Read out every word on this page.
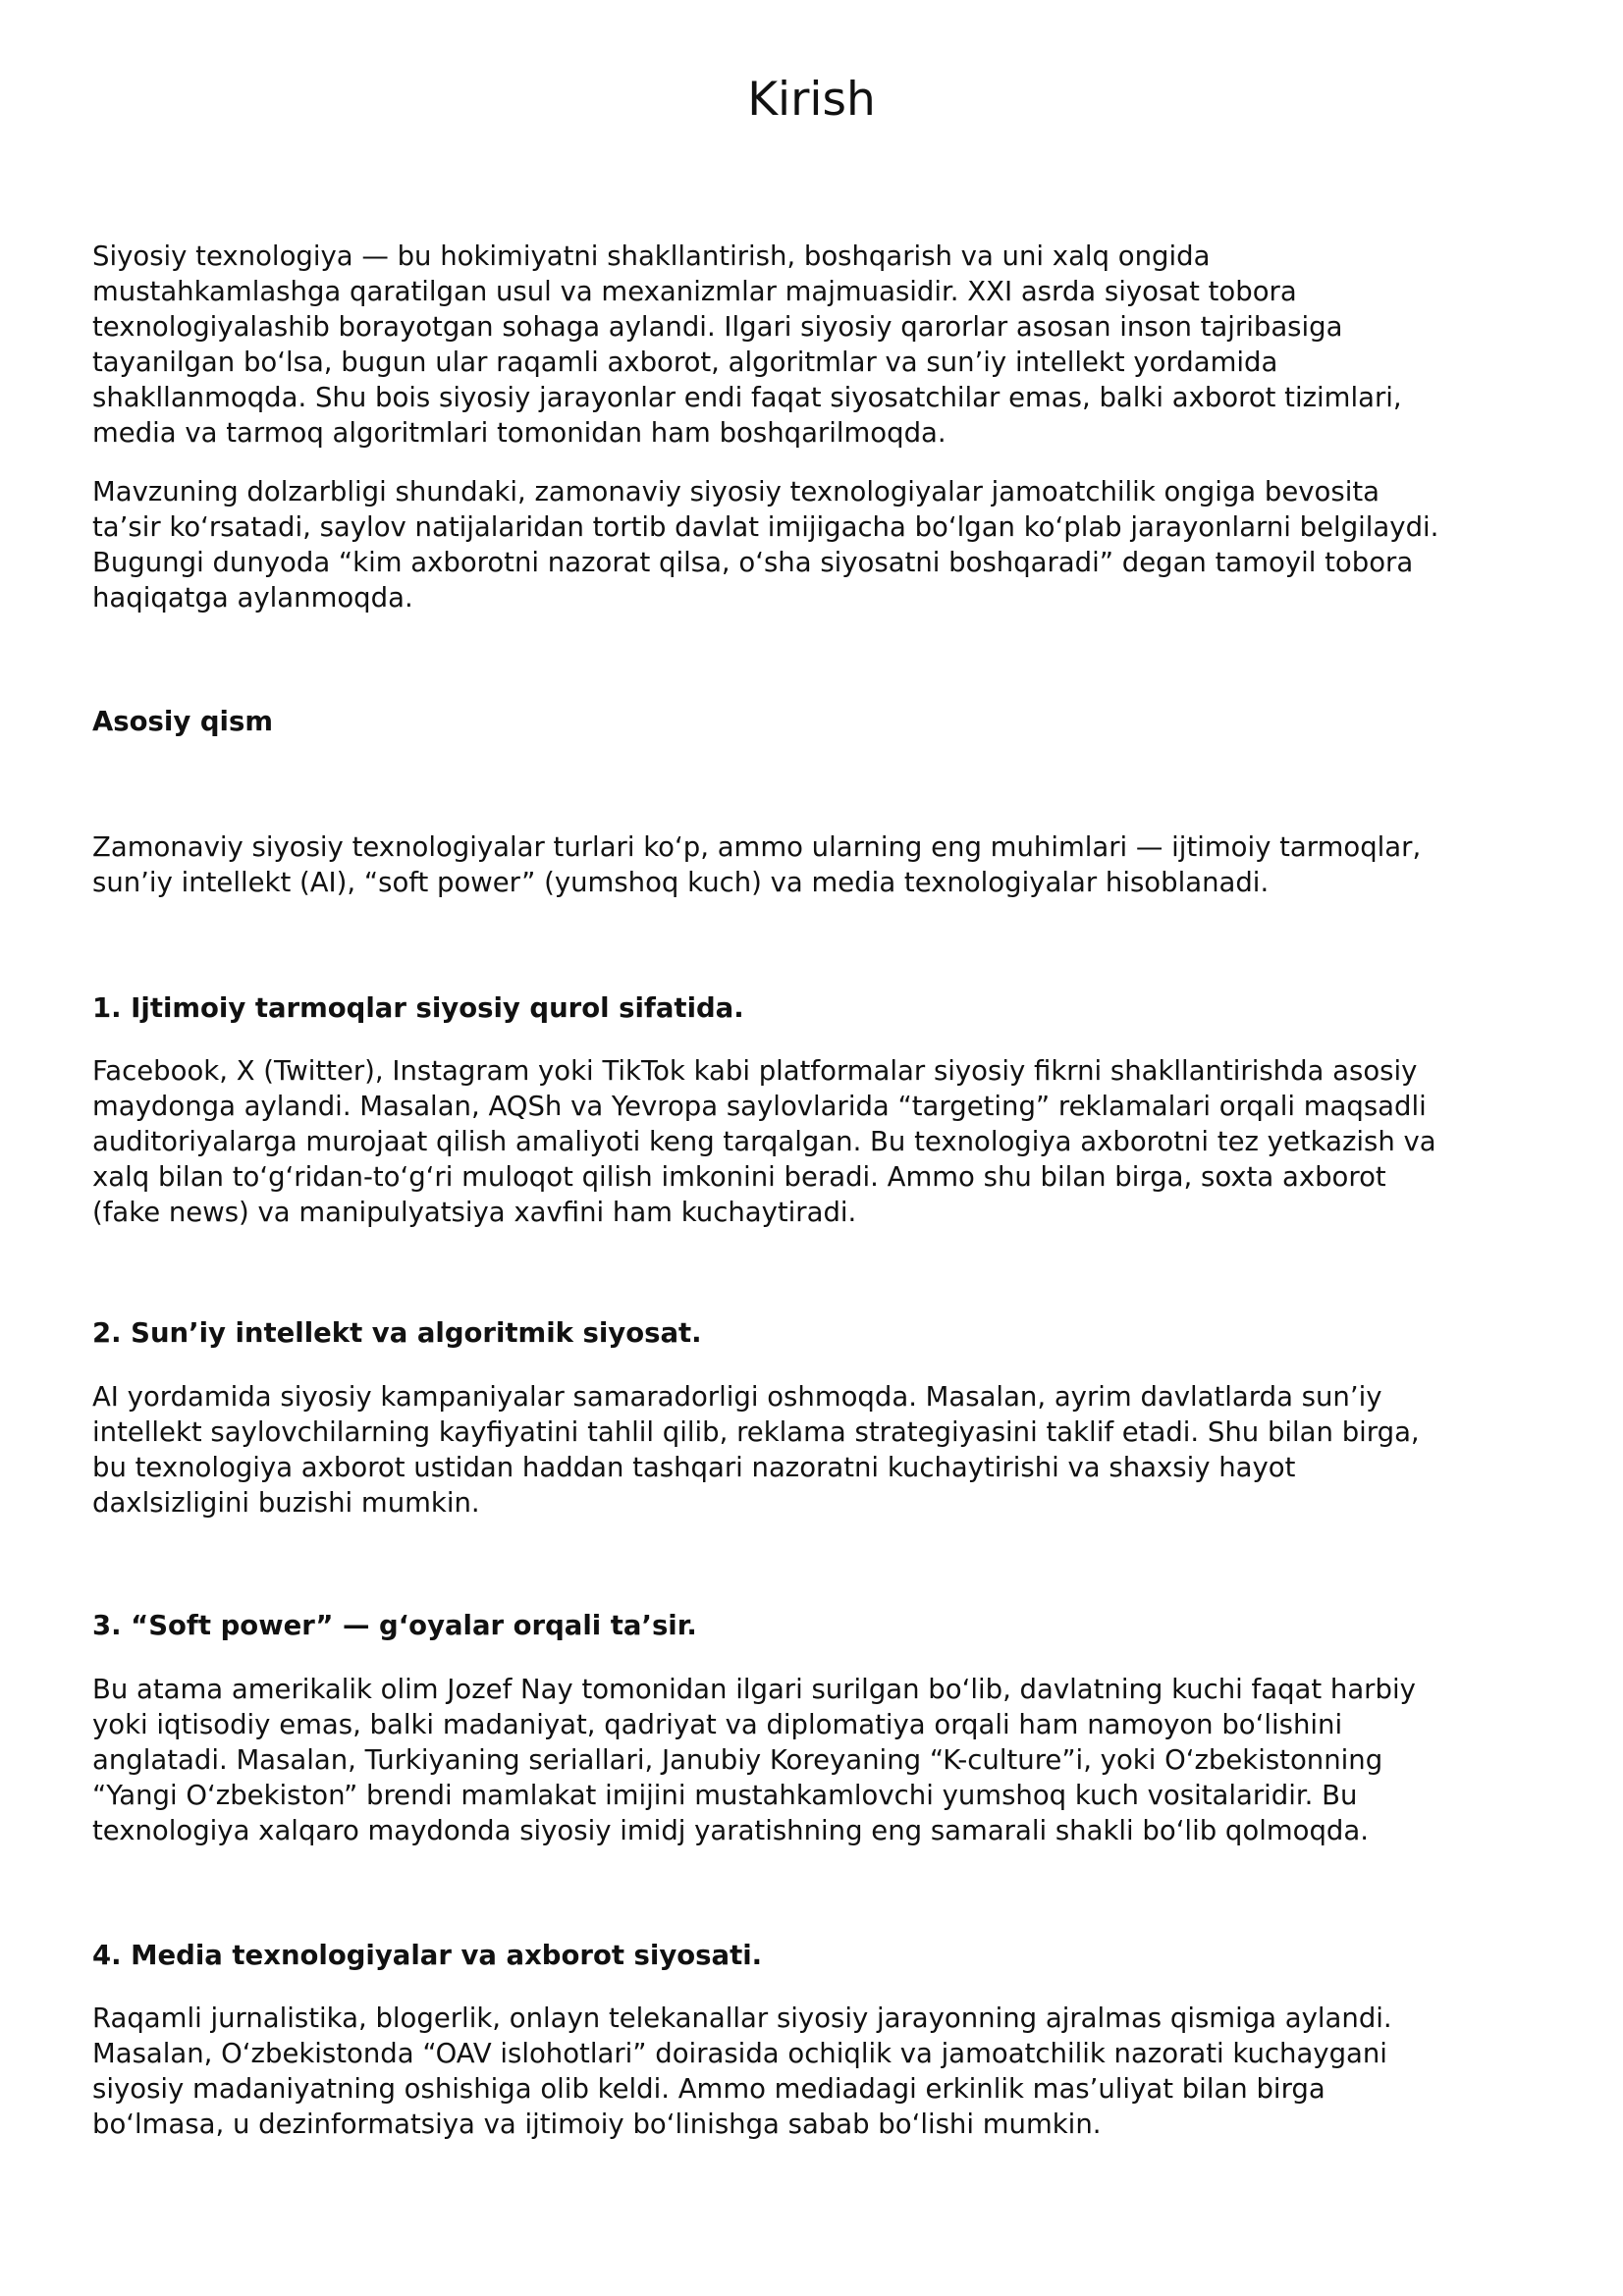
Kirish

Siyosiy texnologiya — bu hokimiyatni shakllantirish, boshqarish va uni xalq ongida
mustahkamlashga qaratilgan usul va mexanizmlar majmuasidir. XXI asrda siyosat tobora
texnologiyalashib borayotgan sohaga aylandi. Ilgari siyosiy qarorlar asosan inson tajribasiga
tayanilgan bo‘lsa, bugun ular raqamli axborot, algoritmlar va sun’iy intellekt yordamida
shakllanmoqda. Shu bois siyosiy jarayonlar endi faqat siyosatchilar emas, balki axborot tizimlari,
media va tarmoq algoritmlari tomonidan ham boshqarilmoqda.

Mavzuning dolzarbligi shundaki, zamonaviy siyosiy texnologiyalar jamoatchilik ongiga bevosita
ta’sir ko‘rsatadi, saylov natijalaridan tortib davlat imijigacha bo‘lgan ko‘plab jarayonlarni belgilaydi.
Bugungi dunyoda “kim axborotni nazorat qilsa, o‘sha siyosatni boshqaradi” degan tamoyil tobora
haqiqatga aylanmoqda.

Asosiy qism

Zamonaviy siyosiy texnologiyalar turlari ko‘p, ammo ularning eng muhimlari — ijtimoiy tarmoqlar,
sun’iy intellekt (AI), “soft power” (yumshoq kuch) va media texnologiyalar hisoblanadi.

1. Ijtimoiy tarmoqlar siyosiy qurol sifatida.

Facebook, X (Twitter), Instagram yoki TikTok kabi platformalar siyosiy fikrni shakllantirishda asosiy
maydonga aylandi. Masalan, AQSh va Yevropa saylovlarida “targeting” reklamalari orqali maqsadli
auditoriyalarga murojaat qilish amaliyoti keng tarqalgan. Bu texnologiya axborotni tez yetkazish va
xalq bilan to‘g‘ridan-to‘g‘ri muloqot qilish imkonini beradi. Ammo shu bilan birga, soxta axborot
(fake news) va manipulyatsiya xavfini ham kuchaytiradi.

2. Sun’iy intellekt va algoritmik siyosat.

AI yordamida siyosiy kampaniyalar samaradorligi oshmoqda. Masalan, ayrim davlatlarda sun’iy
intellekt saylovchilarning kayfiyatini tahlil qilib, reklama strategiyasini taklif etadi. Shu bilan birga,
bu texnologiya axborot ustidan haddan tashqari nazoratni kuchaytirishi va shaxsiy hayot
daxlsizligini buzishi mumkin.

3. “Soft power” — g‘oyalar orqali ta’sir.

Bu atama amerikalik olim Jozef Nay tomonidan ilgari surilgan bo‘lib, davlatning kuchi faqat harbiy
yoki iqtisodiy emas, balki madaniyat, qadriyat va diplomatiya orqali ham namoyon bo‘lishini
anglatadi. Masalan, Turkiyaning seriallari, Janubiy Koreyaning “K-culture”i, yoki O‘zbekistonning
“Yangi O‘zbekiston” brendi mamlakat imijini mustahkamlovchi yumshoq kuch vositalaridir. Bu
texnologiya xalqaro maydonda siyosiy imidj yaratishning eng samarali shakli bo‘lib qolmoqda.

4. Media texnologiyalar va axborot siyosati.

Raqamli jurnalistika, blogerlik, onlayn telekanallar siyosiy jarayonning ajralmas qismiga aylandi.
Masalan, O‘zbekistonda “OAV islohotlari” doirasida ochiqlik va jamoatchilik nazorati kuchaygani
siyosiy madaniyatning oshishiga olib keldi. Ammo mediadagi erkinlik mas’uliyat bilan birga
bo‘lmasa, u dezinformatsiya va ijtimoiy bo‘linishga sabab bo‘lishi mumkin.
